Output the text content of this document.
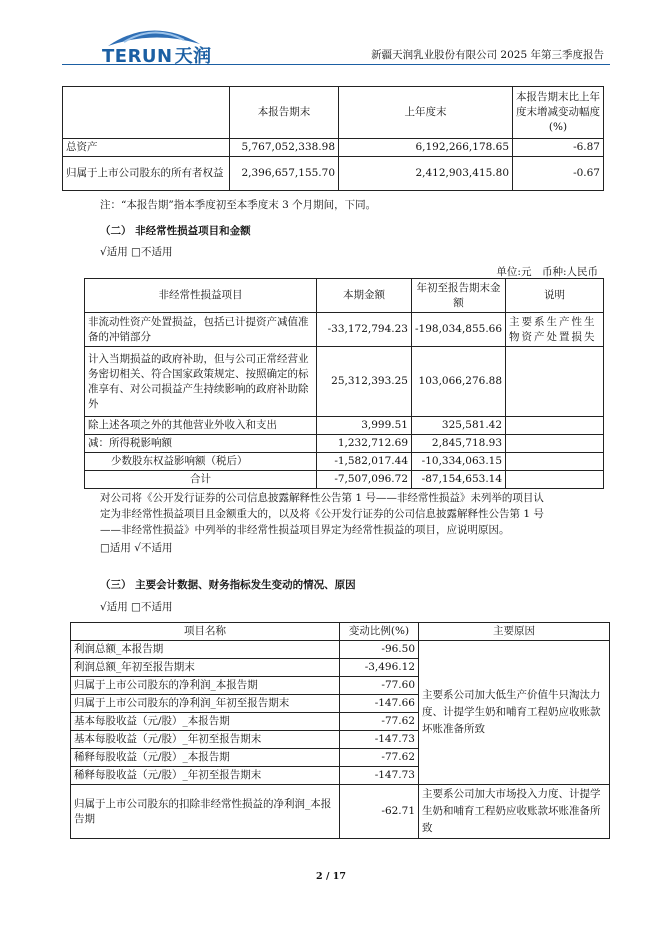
TERUN 天润	新疆天润乳业股份有限公司 2025 年第三季度报告
	本报告期末	上年度末	本报告期末比上年度末增减变动幅度(%)
总资产	5,767,052,338.98	6,192,266,178.65	-6.87
归属于上市公司股东的所有者权益	2,396,657,155.70	2,412,903,415.80	-0.67
注：“本报告期”指本季度初至本季度末 3 个月期间，下同。
（二） 非经常性损益项目和金额
√适用 □不适用
单位:元　币种:人民币
非经常性损益项目	本期金额	年初至报告期末金额	说明
非流动性资产处置损益，包括已计提资产减值准备的冲销部分	-33,172,794.23	-198,034,855.66	主要系生产性生物资产处置损失
计入当期损益的政府补助，但与公司正常经营业务密切相关、符合国家政策规定、按照确定的标准享有、对公司损益产生持续影响的政府补助除外	25,312,393.25	103,066,276.88	
除上述各项之外的其他营业外收入和支出	3,999.51	325,581.42	
减：所得税影响额	1,232,712.69	2,845,718.93	
少数股东权益影响额（税后）	-1,582,017.44	-10,334,063.15	
合计	-7,507,096.72	-87,154,653.14	
对公司将《公开发行证券的公司信息披露解释性公告第 1 号——非经常性损益》未列举的项目认
定为非经常性损益项目且金额重大的，以及将《公开发行证券的公司信息披露解释性公告第 1 号
——非经常性损益》中列举的非经常性损益项目界定为经常性损益的项目，应说明原因。
□适用 √不适用
（三） 主要会计数据、财务指标发生变动的情况、原因
√适用 □不适用
项目名称	变动比例(%)	主要原因
利润总额_本报告期	-96.50	主要系公司加大低生产价值牛只淘汰力度、计提学生奶和哺育工程奶应收账款坏账准备所致
利润总额_年初至报告期末	-3,496.12	
归属于上市公司股东的净利润_本报告期	-77.60	
归属于上市公司股东的净利润_年初至报告期末	-147.66	
基本每股收益（元/股）_本报告期	-77.62	
基本每股收益（元/股）_年初至报告期末	-147.73	
稀释每股收益（元/股）_本报告期	-77.62	
稀释每股收益（元/股）_年初至报告期末	-147.73	
归属于上市公司股东的扣除非经常性损益的净利润_本报告期	-62.71	主要系公司加大市场投入力度、计提学生奶和哺育工程奶应收账款坏账准备所致
2 / 17
